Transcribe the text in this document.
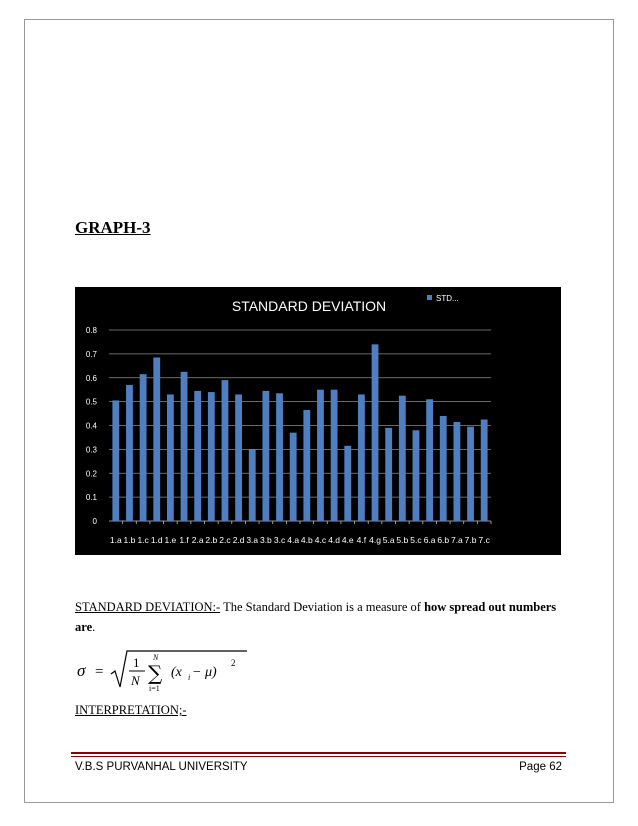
GRAPH-3
STANDARD DEVIATION	STD...
0
0.1
0.2
0.3
0.4
0.5
0.6
0.7
0.8
1.a 1.b 1.c 1.d 1.e 1.f 2.a 2.b 2.c 2.d 3.a 3.b 3.c 4.a 4.b 4.c 4.d 4.e 4.f 4.g 5.a 5.b 5.c 6.a 6.b 7.a 7.b 7.c
STANDARD DEVIATION:- The Standard Deviation is a measure of how spread out numbers are.
σ =
1
N
N
∑
i=1
(x i − μ)
2
INTERPRETATION;-
V.B.S PURVANHAL UNIVERSITY	Page 62
